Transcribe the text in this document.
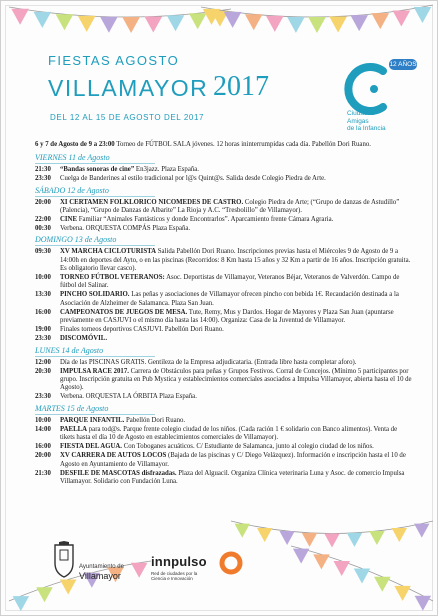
FIESTAS AGOSTO
VILLAMAYOR 2017
DEL 12 AL 15 DE AGOSTO DEL 2017
12 AÑOS
Ciudades
Amigas
de la Infancia
6 y 7 de Agosto de 9 a 23:00 Torneo de FÚTBOL SALA jóvenes. 12 horas ininterrumpidas cada día. Pabellón Dori Ruano.
VIERNES 11 de Agosto
21:30	“Bandas sonoras de cine” En3jazz. Plaza España.
23:30	Cuelga de Banderines al estilo tradicional por l@s Quint@s. Salida desde Colegio Piedra de Arte.
SÁBADO 12 de Agosto
20:00	XI CERTAMEN FOLKLORICO NICOMEDES DE CASTRO. Colegio Piedra de Arte; (“Grupo de danzas de Astudillo” (Palencia), “Grupo de Danzas de Albarite” La Rioja y A.C. “Tresbolillo” de Villamayor).
22:00	CINE Familiar “Animales Fantásticos y donde Encontrarlos”. Aparcamiento frente Cámara Agraria.
00:30	Verbena. ORQUESTA COMPÁS Plaza España.
DOMINGO 13 de Agosto
09:30	XV MARCHA CICLOTURISTA Salida Pabellón Dori Ruano. Inscripciones previas hasta el Miércoles 9 de Agosto de 9 a 14:00h en deportes del Ayto, o en las piscinas (Recorridos: 8 Km hasta 15 años y 32 Km a partir de 16 años. Inscripción gratuita. Es obligatorio llevar casco).
10:00	TORNEO FÚTBOL VETERANOS: Asoc. Deportistas de Villamayor, Veteranos Béjar, Veteranos de Valverdón. Campo de fútbol del Salinar.
13:30	PINCHO SOLIDARIO. Las peñas y asociaciones de Villamayor ofrecen pincho con bebida 1€. Recaudación destinada a la Asociación de Alzheimer de Salamanca. Plaza San Juan.
16:00	CAMPEONATOS DE JUEGOS DE MESA. Tute, Remy, Mus y Dardos. Hogar de Mayores y Plaza San Juan (apuntarse previamente en CASJUVI o el mismo día hasta las 14:00). Organiza: Casa de la Juventud de Villamayor.
19:00	Finales torneos deportivos CASJUVI. Pabellón Dori Ruano.
23:30	DISCOMÓVIL.
LUNES 14 de Agosto
12:00	Día de las PISCINAS GRATIS. Gentileza de la Empresa adjudicataria. (Entrada libre hasta completar aforo).
20:30	IMPULSA RACE 2017. Carrera de Obstáculos para peñas y Grupos Festivos. Corral de Concejos. (Mínimo 5 participantes por grupo. Inscripción gratuita en Pub Mystica y establecimientos comerciales asociados a Impulsa Villamayor, abierta hasta el 10 de Agosto).
23:30	Verbena. ORQUESTA LA ÓRBITA Plaza España.
MARTES 15 de Agosto
10:00	PARQUE INFANTIL. Pabellón Dori Ruano.
14:00	PAELLA para tod@s. Parque frente colegio ciudad de los niños. (Cada ración 1 € solidario con Banco alimentos). Venta de tikets hasta el día 10 de Agosto en establecimientos comerciales de Villamayor).
16:00	FIESTA DEL AGUA. Con Toboganes acuáticos. C/ Estudiante de Salamanca, junto al colegio ciudad de los niños.
20:00	XV CARRERA DE AUTOS LOCOS (Bajada de las piscinas y C/ Diego Velázquez). Información e inscripción hasta el 10 de Agosto en Ayuntamiento de Villamayor.
21:30	DESFILE DE MASCOTAS disfrazadas. Plaza del Alguacil. Organiza Clínica veterinaria Luna y Asoc. de comercio Impulsa Villamayor. Solidario con Fundación Luna.
Ayuntamiento de
Villamayor
innpulso
Red de ciudades por la Ciencia e Innovación
